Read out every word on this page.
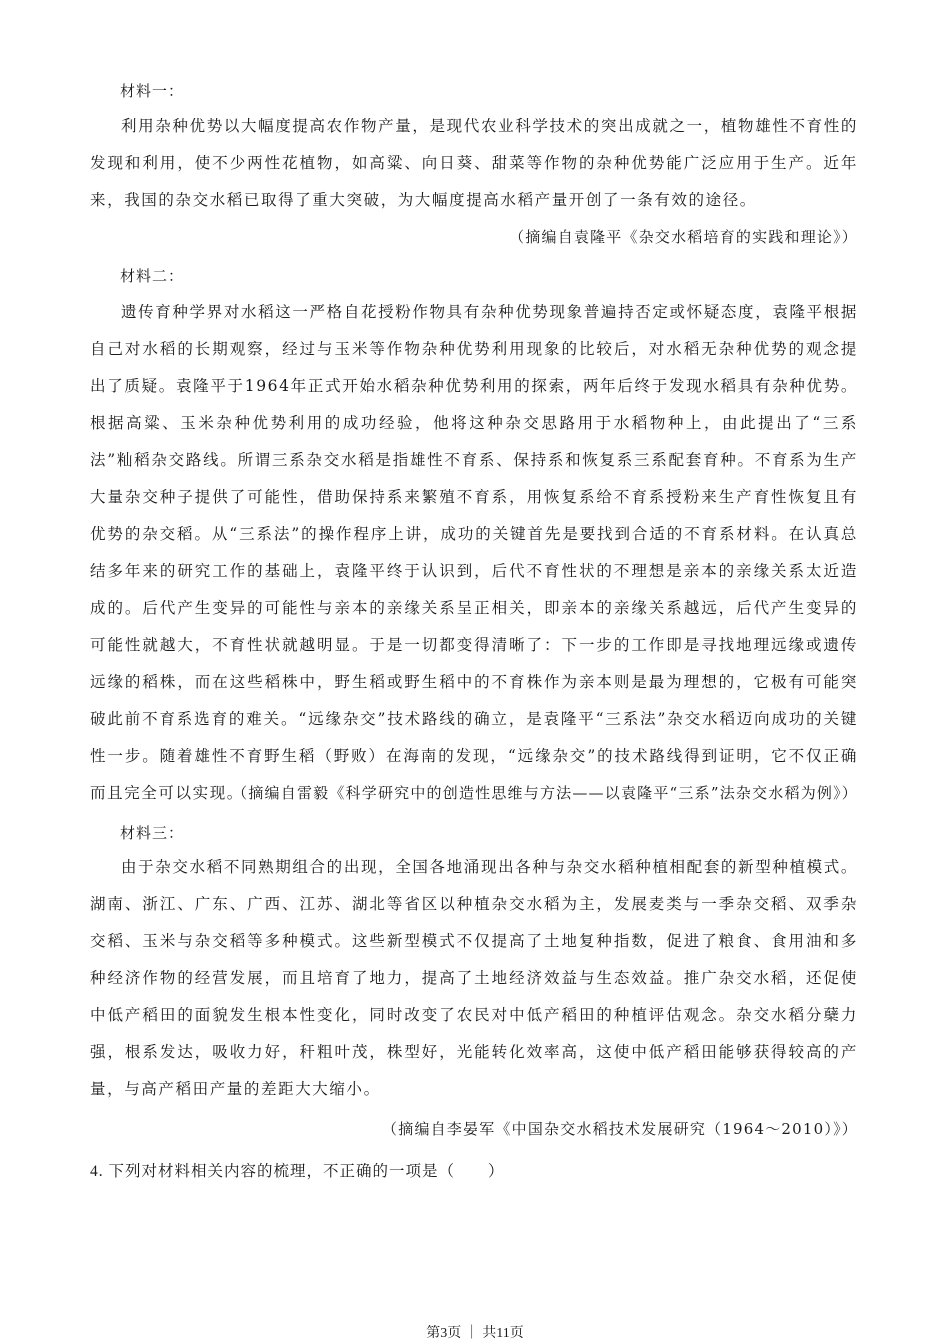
材料一：
利用杂种优势以大幅度提高农作物产量，是现代农业科学技术的突出成就之一，植物雄性不育性的发现和利用，使不少两性花植物，如高粱、向日葵、甜菜等作物的杂种优势能广泛应用于生产。近年来，我国的杂交水稻已取得了重大突破，为大幅度提高水稻产量开创了一条有效的途径。
（摘编自袁隆平《杂交水稻培育的实践和理论》）
材料二：
遗传育种学界对水稻这一严格自花授粉作物具有杂种优势现象普遍持否定或怀疑态度，袁隆平根据自己对水稻的长期观察，经过与玉米等作物杂种优势利用现象的比较后，对水稻无杂种优势的观念提出了质疑。袁隆平于1964年正式开始水稻杂种优势利用的探索，两年后终于发现水稻具有杂种优势。根据高粱、玉米杂种优势利用的成功经验，他将这种杂交思路用于水稻物种上，由此提出了“三系法”籼稻杂交路线。所谓三系杂交水稻是指雄性不育系、保持系和恢复系三系配套育种。不育系为生产大量杂交种子提供了可能性，借助保持系来繁殖不育系，用恢复系给不育系授粉来生产育性恢复且有优势的杂交稻。从“三系法”的操作程序上讲，成功的关键首先是要找到合适的不育系材料。在认真总结多年来的研究工作的基础上，袁隆平终于认识到，后代不育性状的不理想是亲本的亲缘关系太近造成的。后代产生变异的可能性与亲本的亲缘关系呈正相关，即亲本的亲缘关系越远，后代产生变异的可能性就越大，不育性状就越明显。于是一切都变得清晰了：下一步的工作即是寻找地理远缘或遗传远缘的稻株，而在这些稻株中，野生稻或野生稻中的不育株作为亲本则是最为理想的，它极有可能突破此前不育系选育的难关。“远缘杂交”技术路线的确立，是袁隆平“三系法”杂交水稻迈向成功的关键性一步。随着雄性不育野生稻（野败）在海南的发现，“远缘杂交”的技术路线得到证明，它不仅正确而且完全可以实现。
（摘编自雷毅《科学研究中的创造性思维与方法——以袁隆平“三系”法杂交水稻为例》）
材料三：
由于杂交水稻不同熟期组合的出现，全国各地涌现出各种与杂交水稻种植相配套的新型种植模式。湖南、浙江、广东、广西、江苏、湖北等省区以种植杂交水稻为主，发展麦类与一季杂交稻、双季杂交稻、玉米与杂交稻等多种模式。这些新型模式不仅提高了土地复种指数，促进了粮食、食用油和多种经济作物的经营发展，而且培育了地力，提高了土地经济效益与生态效益。推广杂交水稻，还促使中低产稻田的面貌发生根本性变化，同时改变了农民对中低产稻田的种植评估观念。杂交水稻分蘖力强，根系发达，吸收力好，秆粗叶茂，株型好，光能转化效率高，这使中低产稻田能够获得较高的产量，与高产稻田产量的差距大大缩小。
（摘编自李晏军《中国杂交水稻技术发展研究（1964～2010）》）
4. 下列对材料相关内容的梳理，不正确的一项是（　　）
第3页 ｜ 共11页
